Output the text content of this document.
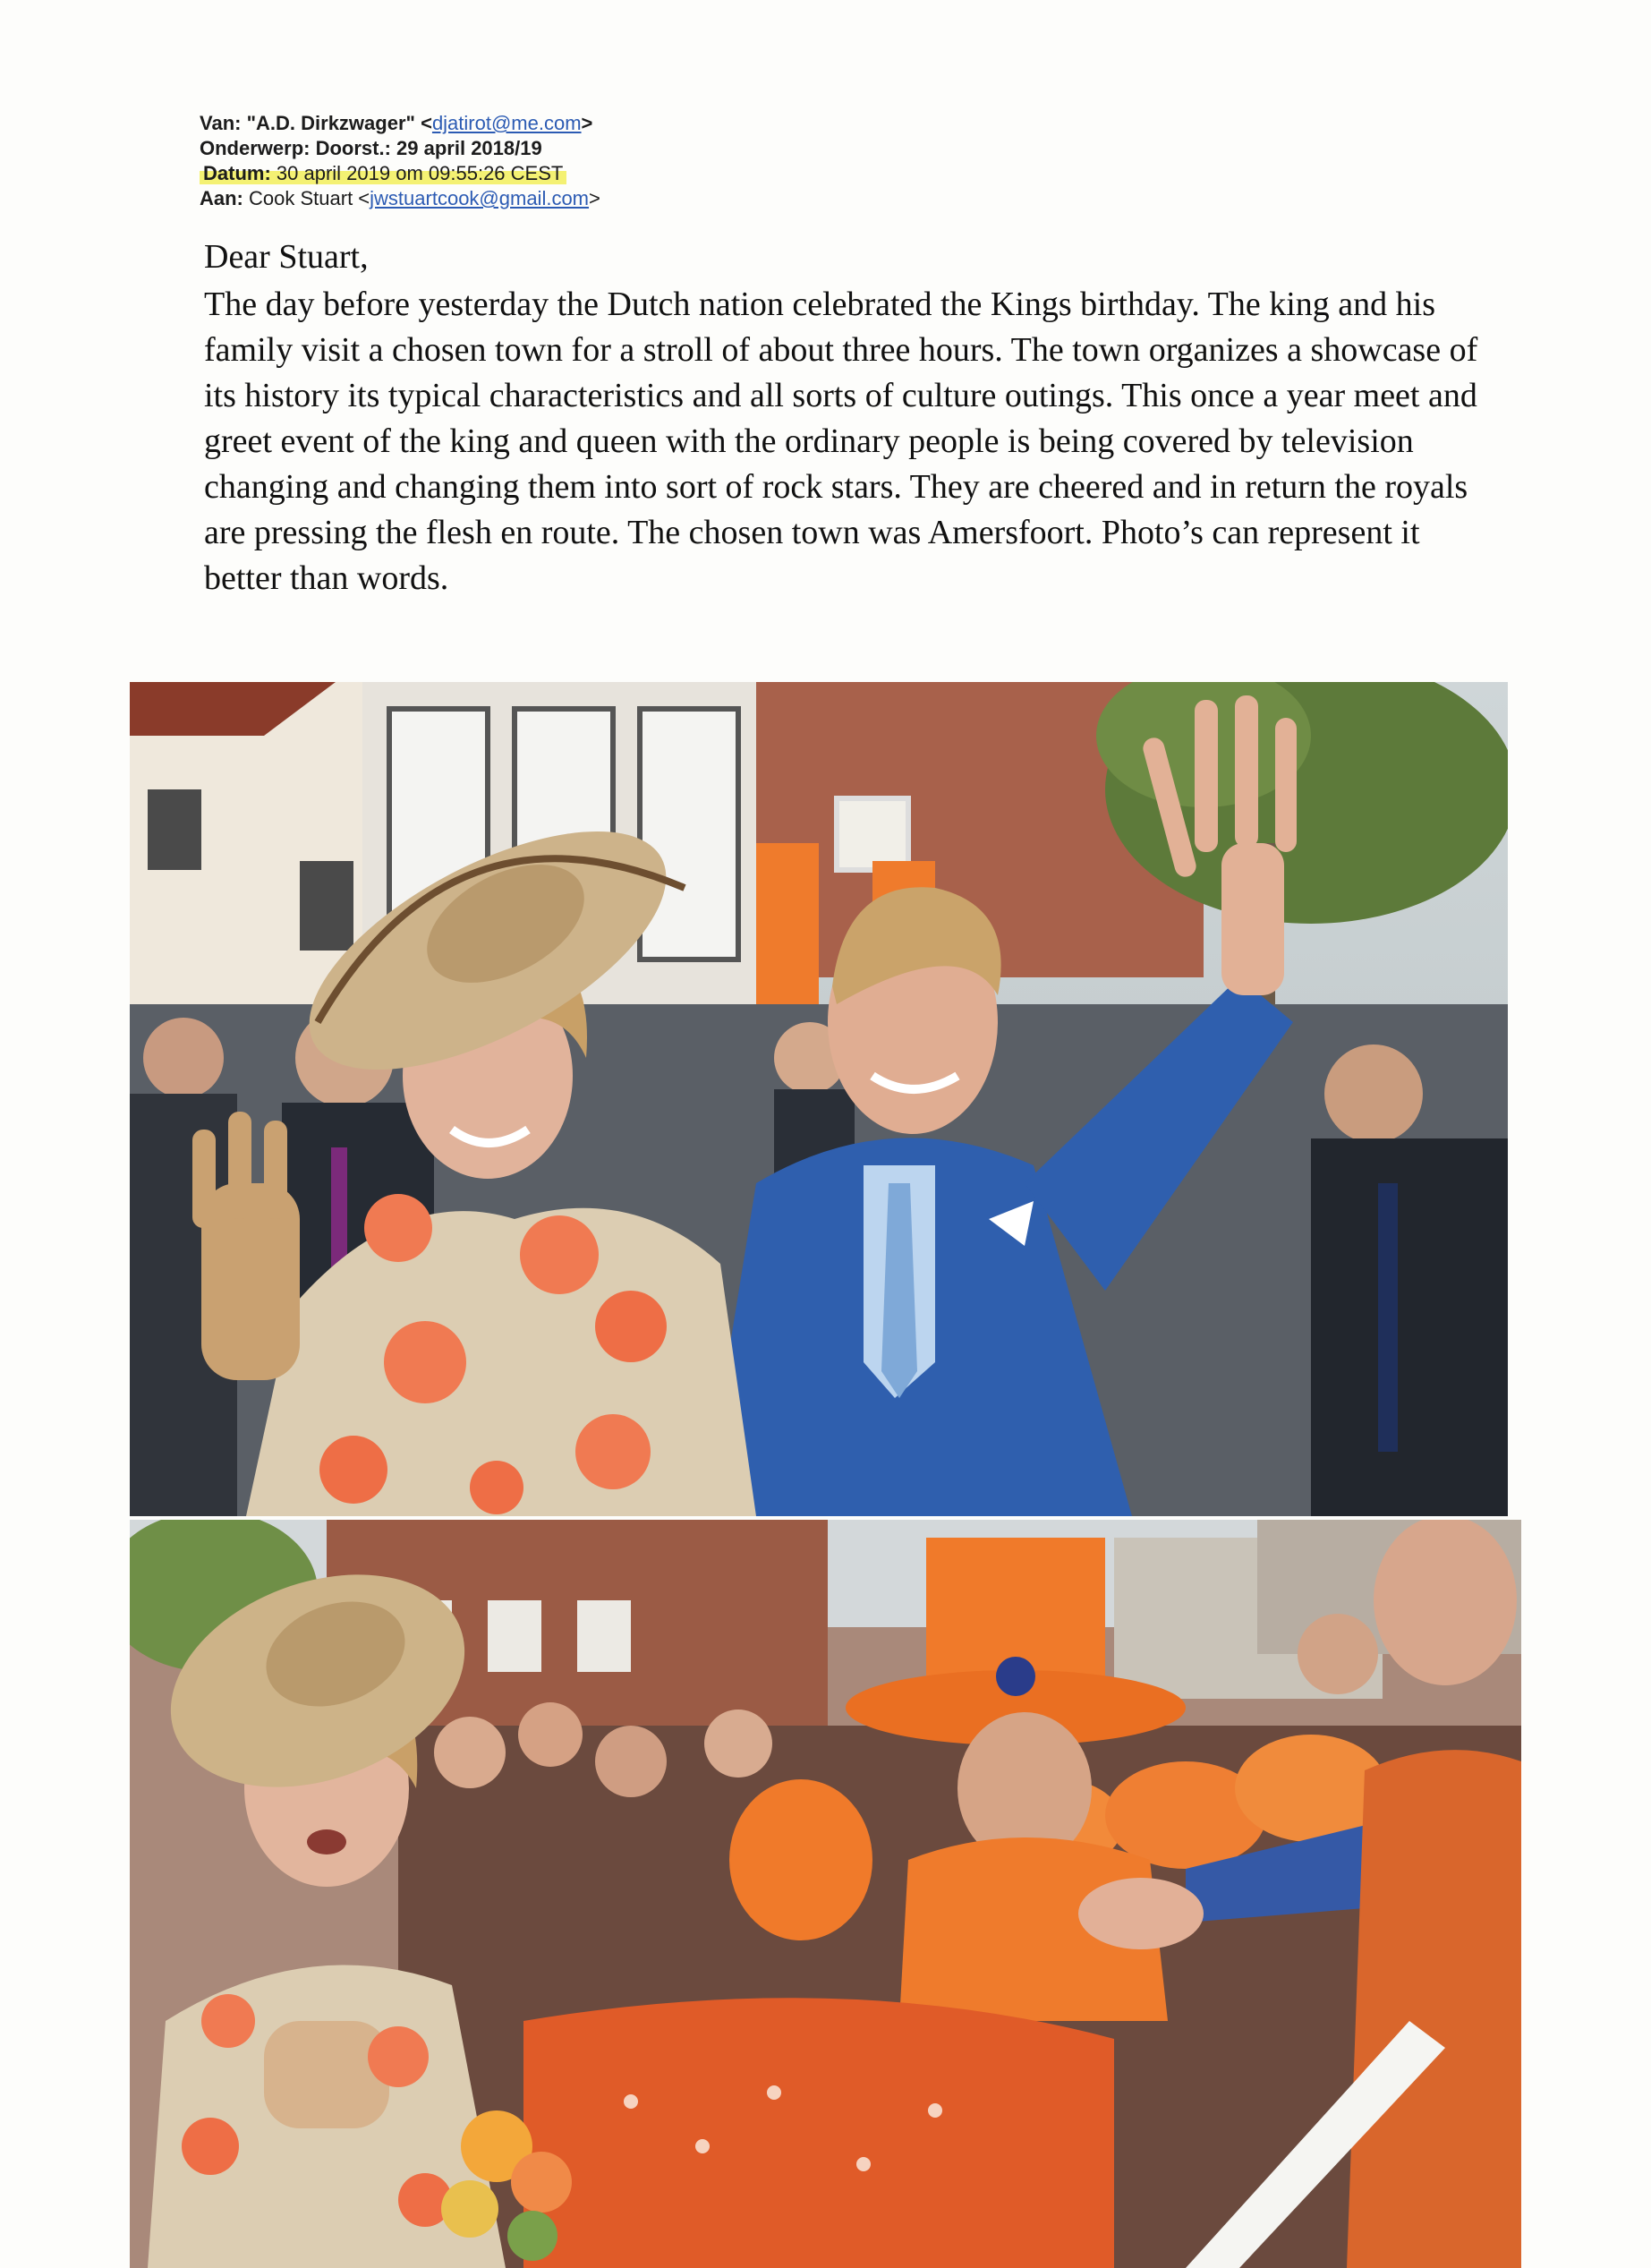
Van: "A.D. Dirkzwager" <djatirot@me.com>
Onderwerp: Doorst.: 29 april 2018/19
Datum: 30 april 2019 om 09:55:26 CEST
Aan: Cook Stuart <jwstuartcook@gmail.com>

Dear Stuart,

The day before yesterday the Dutch nation celebrated the Kings birthday. The king and his family visit a chosen town for a stroll of about three hours. The town organizes a showcase of its history its typical characteristics and all sorts of culture outings. This once a year meet and greet event of the king and queen with the ordinary people is being covered by television changing and changing them into sort of rock stars. They are cheered and in return the royals are pressing the flesh en route. The chosen town was Amersfoort. Photo’s can represent it better than words.
